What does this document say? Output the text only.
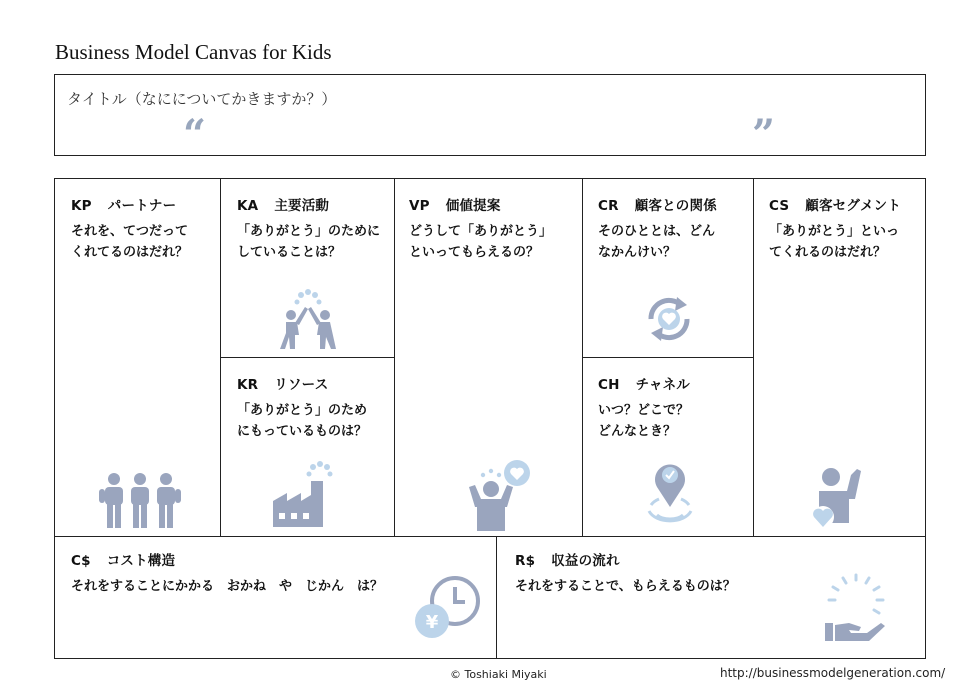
Business Model Canvas for Kids
タイトル（なにについてかきますか？）
“	”
KP パートナー
それを、てつだって
くれてるのはだれ？
KA 主要活動
「ありがとう」のために
していることは？
KR リソース
「ありがとう」のため
にもっているものは？
VP 価値提案
どうして「ありがとう」
といってもらえるの？
CR 顧客との関係
そのひととは、どん
なかんけい？
CH チャネル
いつ？どこで？
どんなとき？
CS 顧客セグメント
「ありがとう」といっ
てくれるのはだれ？
C$ コスト構造
それをすることにかかる　おかね　や　じかん　は？
¥
R$ 収益の流れ
それをすることで、もらえるものは？
© Toshiaki Miyaki	http://businessmodelgeneration.com/
